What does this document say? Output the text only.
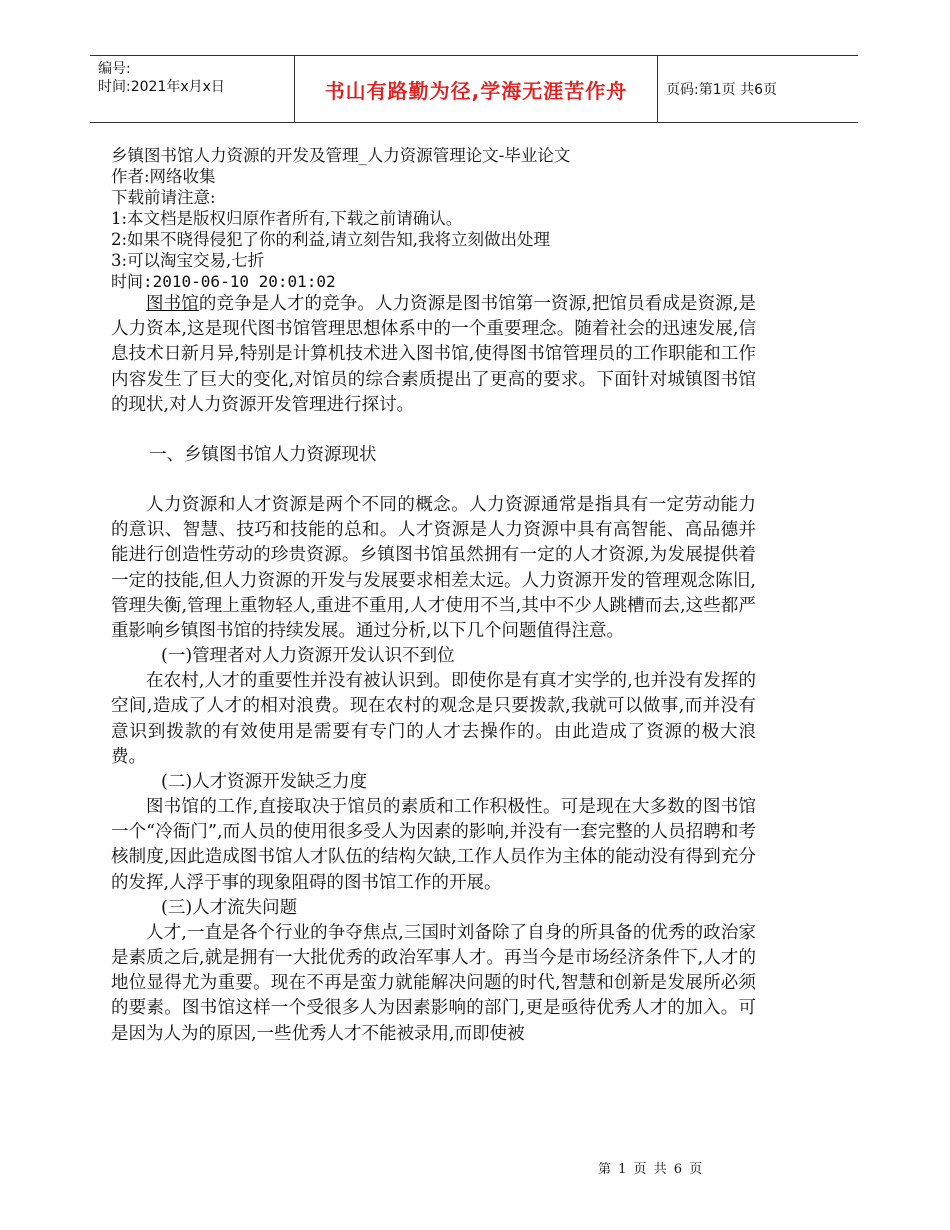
编号:
时间:2021年x月x日	书山有路勤为径,学海无涯苦作舟	页码:第1页 共6页

乡镇图书馆人力资源的开发及管理_人力资源管理论文-毕业论文

作者:网络收集

下载前请注意:

1:本文档是版权归原作者所有,下载之前请确认。

2:如果不晓得侵犯了你的利益,请立刻告知,我将立刻做出处理

3:可以淘宝交易,七折

时间:2010-06-10 20:01:02

图书馆的竞争是人才的竞争。人力资源是图书馆第一资源,把馆员看成是资源,是人力资本,这是现代图书馆管理思想体系中的一个重要理念。随着社会的迅速发展,信息技术日新月异,特别是计算机技术进入图书馆,使得图书馆管理员的工作职能和工作内容发生了巨大的变化,对馆员的综合素质提出了更高的要求。下面针对城镇图书馆的现状,对人力资源开发管理进行探讨。

一、乡镇图书馆人力资源现状

人力资源和人才资源是两个不同的概念。人力资源通常是指具有一定劳动能力的意识、智慧、技巧和技能的总和。人才资源是人力资源中具有高智能、高品德并能进行创造性劳动的珍贵资源。乡镇图书馆虽然拥有一定的人才资源,为发展提供着一定的技能,但人力资源的开发与发展要求相差太远。人力资源开发的管理观念陈旧,管理失衡,管理上重物轻人,重进不重用,人才使用不当,其中不少人跳槽而去,这些都严重影响乡镇图书馆的持续发展。通过分析,以下几个问题值得注意。

(一)管理者对人力资源开发认识不到位

在农村,人才的重要性并没有被认识到。即使你是有真才实学的,也并没有发挥的空间,造成了人才的相对浪费。现在农村的观念是只要拨款,我就可以做事,而并没有意识到拨款的有效使用是需要有专门的人才去操作的。由此造成了资源的极大浪费。

(二)人才资源开发缺乏力度

图书馆的工作,直接取决于馆员的素质和工作积极性。可是现在大多数的图书馆一个“冷衙门”,而人员的使用很多受人为因素的影响,并没有一套完整的人员招聘和考核制度,因此造成图书馆人才队伍的结构欠缺,工作人员作为主体的能动没有得到充分的发挥,人浮于事的现象阻碍的图书馆工作的开展。

(三)人才流失问题

人才,一直是各个行业的争夺焦点,三国时刘备除了自身的所具备的优秀的政治家是素质之后,就是拥有一大批优秀的政治军事人才。再当今是市场经济条件下,人才的地位显得尤为重要。现在不再是蛮力就能解决问题的时代,智慧和创新是发展所必须的要素。图书馆这样一个受很多人为因素影响的部门,更是亟待优秀人才的加入。可是因为人为的原因,一些优秀人才不能被录用,而即使被

第 1 页 共 6 页
